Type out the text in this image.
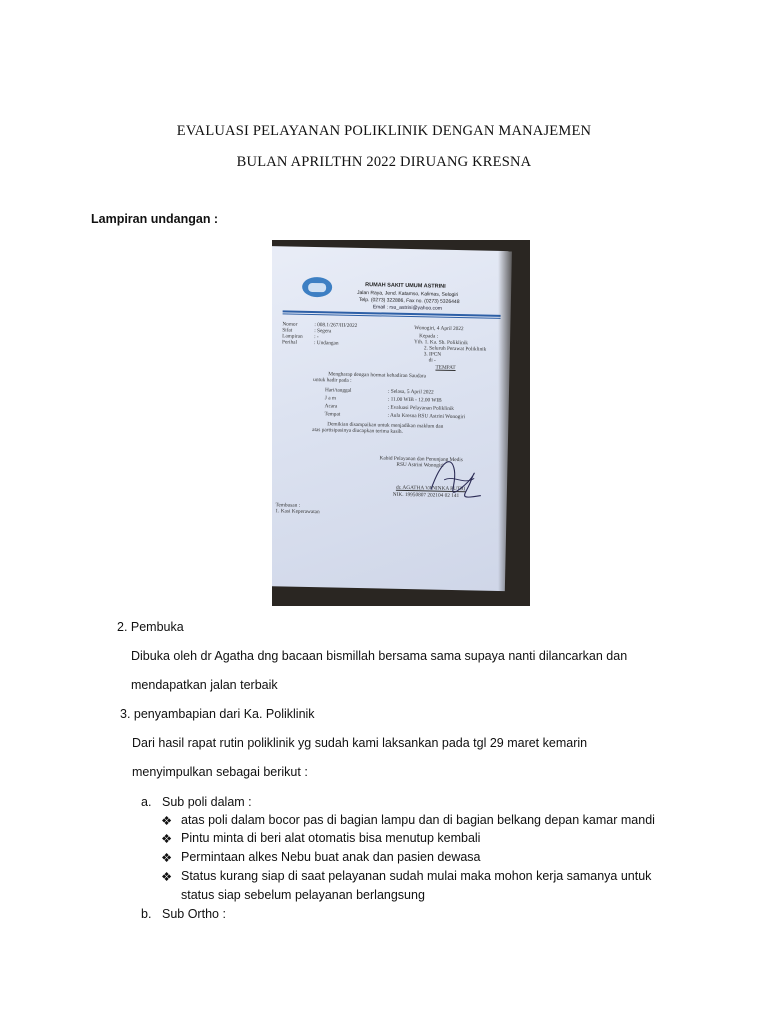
EVALUASI PELAYANAN POLIKLINIK DENGAN MANAJEMEN
BULAN APRILTHN 2022 DIRUANG KRESNA
Lampiran undangan :
RUMAH SAKIT UMUM ASTRINI
Jalan Raya, Jend. Katamso, Kalimas, Selogiri
Telp. (0273) 322886, Fax no. (0273) 5326448
Email : rsu_astrini@yahoo.com
Nomor	: 008.1/267/III/2022
Sifat	: Segera
Lampiran : -
Perihal	: Undangan
Wonogiri, 4 April 2022
Kepada :
Yth. 1. Ka. Sb. Poliklinik
2. Seluruh Perawat Poliklinik
3. IPCN
di -
TEMPAT
Mengharap dengan hormat kehadiran Saudara
untuk hadir pada :
Hari/tanggal	: Selasa, 5 April 2022
J a m	: 11.00 WIB - 12.00 WIB
Acara	: Evaluasi Pelayanan Poliklinik
Tempat	: Aula Kresna RSU Astrini Wonogiri
Demikian disampaikan untuk menjadikan maklum dan
atas partisipasinya diucapkan terima kasih.
Kabid Pelayanan dan Penunjang Medis
RSU Astrini Wonogiri
dr. AGATHA VANINKA PUTRI
NIK. 19950807 202104 02 141
Tembusan :
1. Kasi Keperawatan
2. Pembuka
Dibuka oleh dr Agatha dng bacaan bismillah bersama sama supaya nanti dilancarkan dan
mendapatkan jalan terbaik
3. penyambapian dari Ka. Poliklinik
Dari hasil rapat rutin poliklinik yg sudah kami laksankan pada tgl 29 maret kemarin
menyimpulkan sebagai berikut :
a. Sub poli dalam :
❖ atas poli dalam bocor pas di bagian lampu dan di bagian belkang depan kamar mandi
❖ Pintu minta di beri alat otomatis bisa menutup kembali
❖ Permintaan alkes Nebu buat anak dan pasien dewasa
❖ Status kurang siap di saat pelayanan sudah mulai maka mohon kerja samanya untuk
status siap sebelum pelayanan berlangsung
b. Sub Ortho :
